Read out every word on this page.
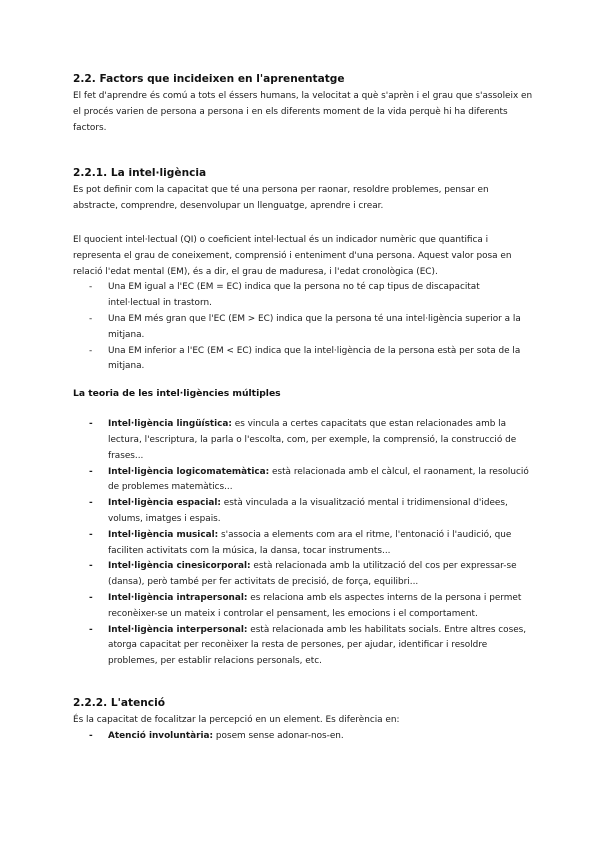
2.2. Factors que incideixen en l'aprenentatge

El fet d'aprendre és comú a tots el éssers humans, la velocitat a què s'aprèn i el grau que s'assoleix en el procés varien de persona a persona i en els diferents moment de la vida perquè hi ha diferents factors.

2.2.1. La intel·ligència

Es pot definir com la capacitat que té una persona per raonar, resoldre problemes, pensar en abstracte, comprendre, desenvolupar un llenguatge, aprendre i crear.

El quocient intel·lectual (QI) o coeficient intel·lectual és un indicador numèric que quantifica i representa el grau de coneixement, comprensió i enteniment d'una persona. Aquest valor posa en relació l'edat mental (EM), és a dir, el grau de maduresa, i l'edat cronològica (EC).

- Una EM igual a l'EC (EM = EC) indica que la persona no té cap tipus de discapacitat intel·lectual in trastorn.
- Una EM més gran que l'EC (EM > EC) indica que la persona té una intel·ligència superior a la mitjana.
- Una EM inferior a l'EC (EM < EC) indica que la intel·ligència de la persona està per sota de la mitjana.
La teoria de les intel·ligències múltiples
- Intel·ligència lingüística: es vincula a certes capacitats que estan relacionades amb la lectura, l'escriptura, la parla o l'escolta, com, per exemple, la comprensió, la construcció de frases...
- Intel·ligència logicomatemàtica: està relacionada amb el càlcul, el raonament, la resolució de problemes matemàtics...
- Intel·ligència espacial: està vinculada a la visualització mental i tridimensional d'idees, volums, imatges i espais.
- Intel·ligència musical: s'associa a elements com ara el ritme, l'entonació i l'audició, que faciliten activitats com la música, la dansa, tocar instruments...
- Intel·ligència cinesicorporal: està relacionada amb la utilització del cos per expressar-se (dansa), però també per fer activitats de precisió, de força, equilibri...
- Intel·ligència intrapersonal: es relaciona amb els aspectes interns de la persona i permet reconèixer-se un mateix i controlar el pensament, les emocions i el comportament.
- Intel·ligència interpersonal: està relacionada amb les habilitats socials. Entre altres coses, atorga capacitat per reconèixer la resta de persones, per ajudar, identificar i resoldre problemes, per establir relacions personals, etc.
2.2.2. L'atenció

És la capacitat de focalitzar la percepció en un element. Es diferència en:

- Atenció involuntària: posem sense adonar-nos-en.
